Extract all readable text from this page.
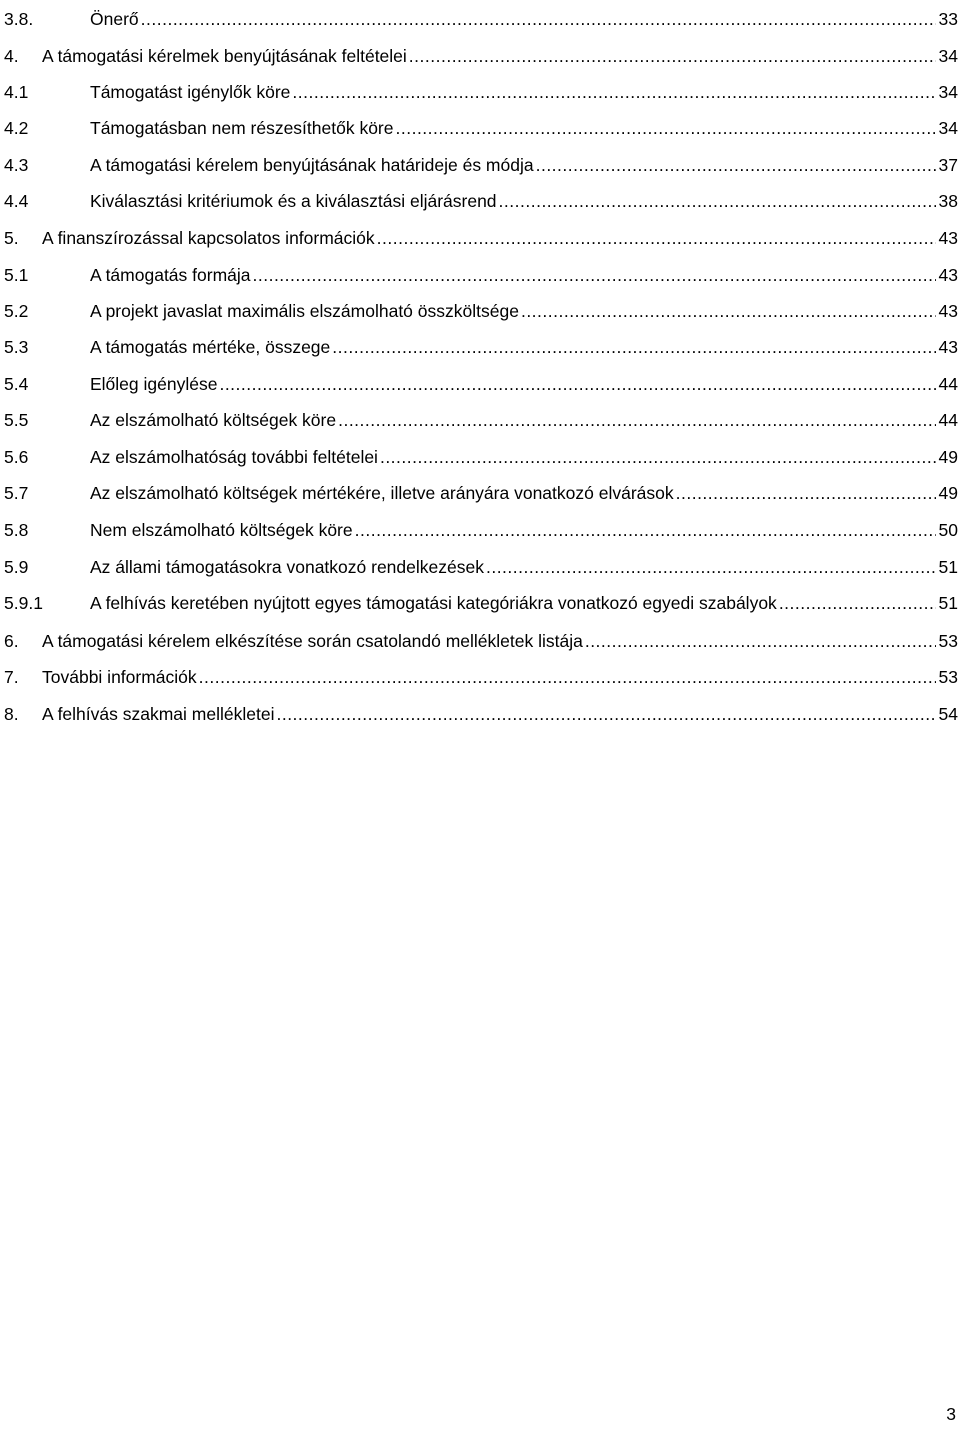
3.8.	Önerő .....	33
4.	A támogatási kérelmek benyújtásának feltételei .....	34
4.1	Támogatást igénylők köre .....	34
4.2	Támogatásban nem részesíthetők köre .....	34
4.3	A támogatási kérelem benyújtásának határideje és módja .....	37
4.4	Kiválasztási kritériumok és a kiválasztási eljárásrend .....	38
5.	A finanszírozással kapcsolatos információk .....	43
5.1	A támogatás formája .....	43
5.2	A projekt javaslat maximális elszámolható összköltsége .....	43
5.3	A támogatás mértéke, összege .....	43
5.4	Előleg igénylése .....	44
5.5	Az elszámolható költségek köre .....	44
5.6	Az elszámolhatóság további feltételei .....	49
5.7	Az elszámolható költségek mértékére, illetve arányára vonatkozó elvárások .....	49
5.8	Nem elszámolható költségek köre .....	50
5.9	Az állami támogatásokra vonatkozó rendelkezések .....	51
5.9.1	A felhívás keretében nyújtott egyes támogatási kategóriákra vonatkozó egyedi szabályok .....	51
6.	A támogatási kérelem elkészítése során csatolandó mellékletek listája .....	53
7.	További információk .....	53
8.	A felhívás szakmai mellékletei .....	54
3
